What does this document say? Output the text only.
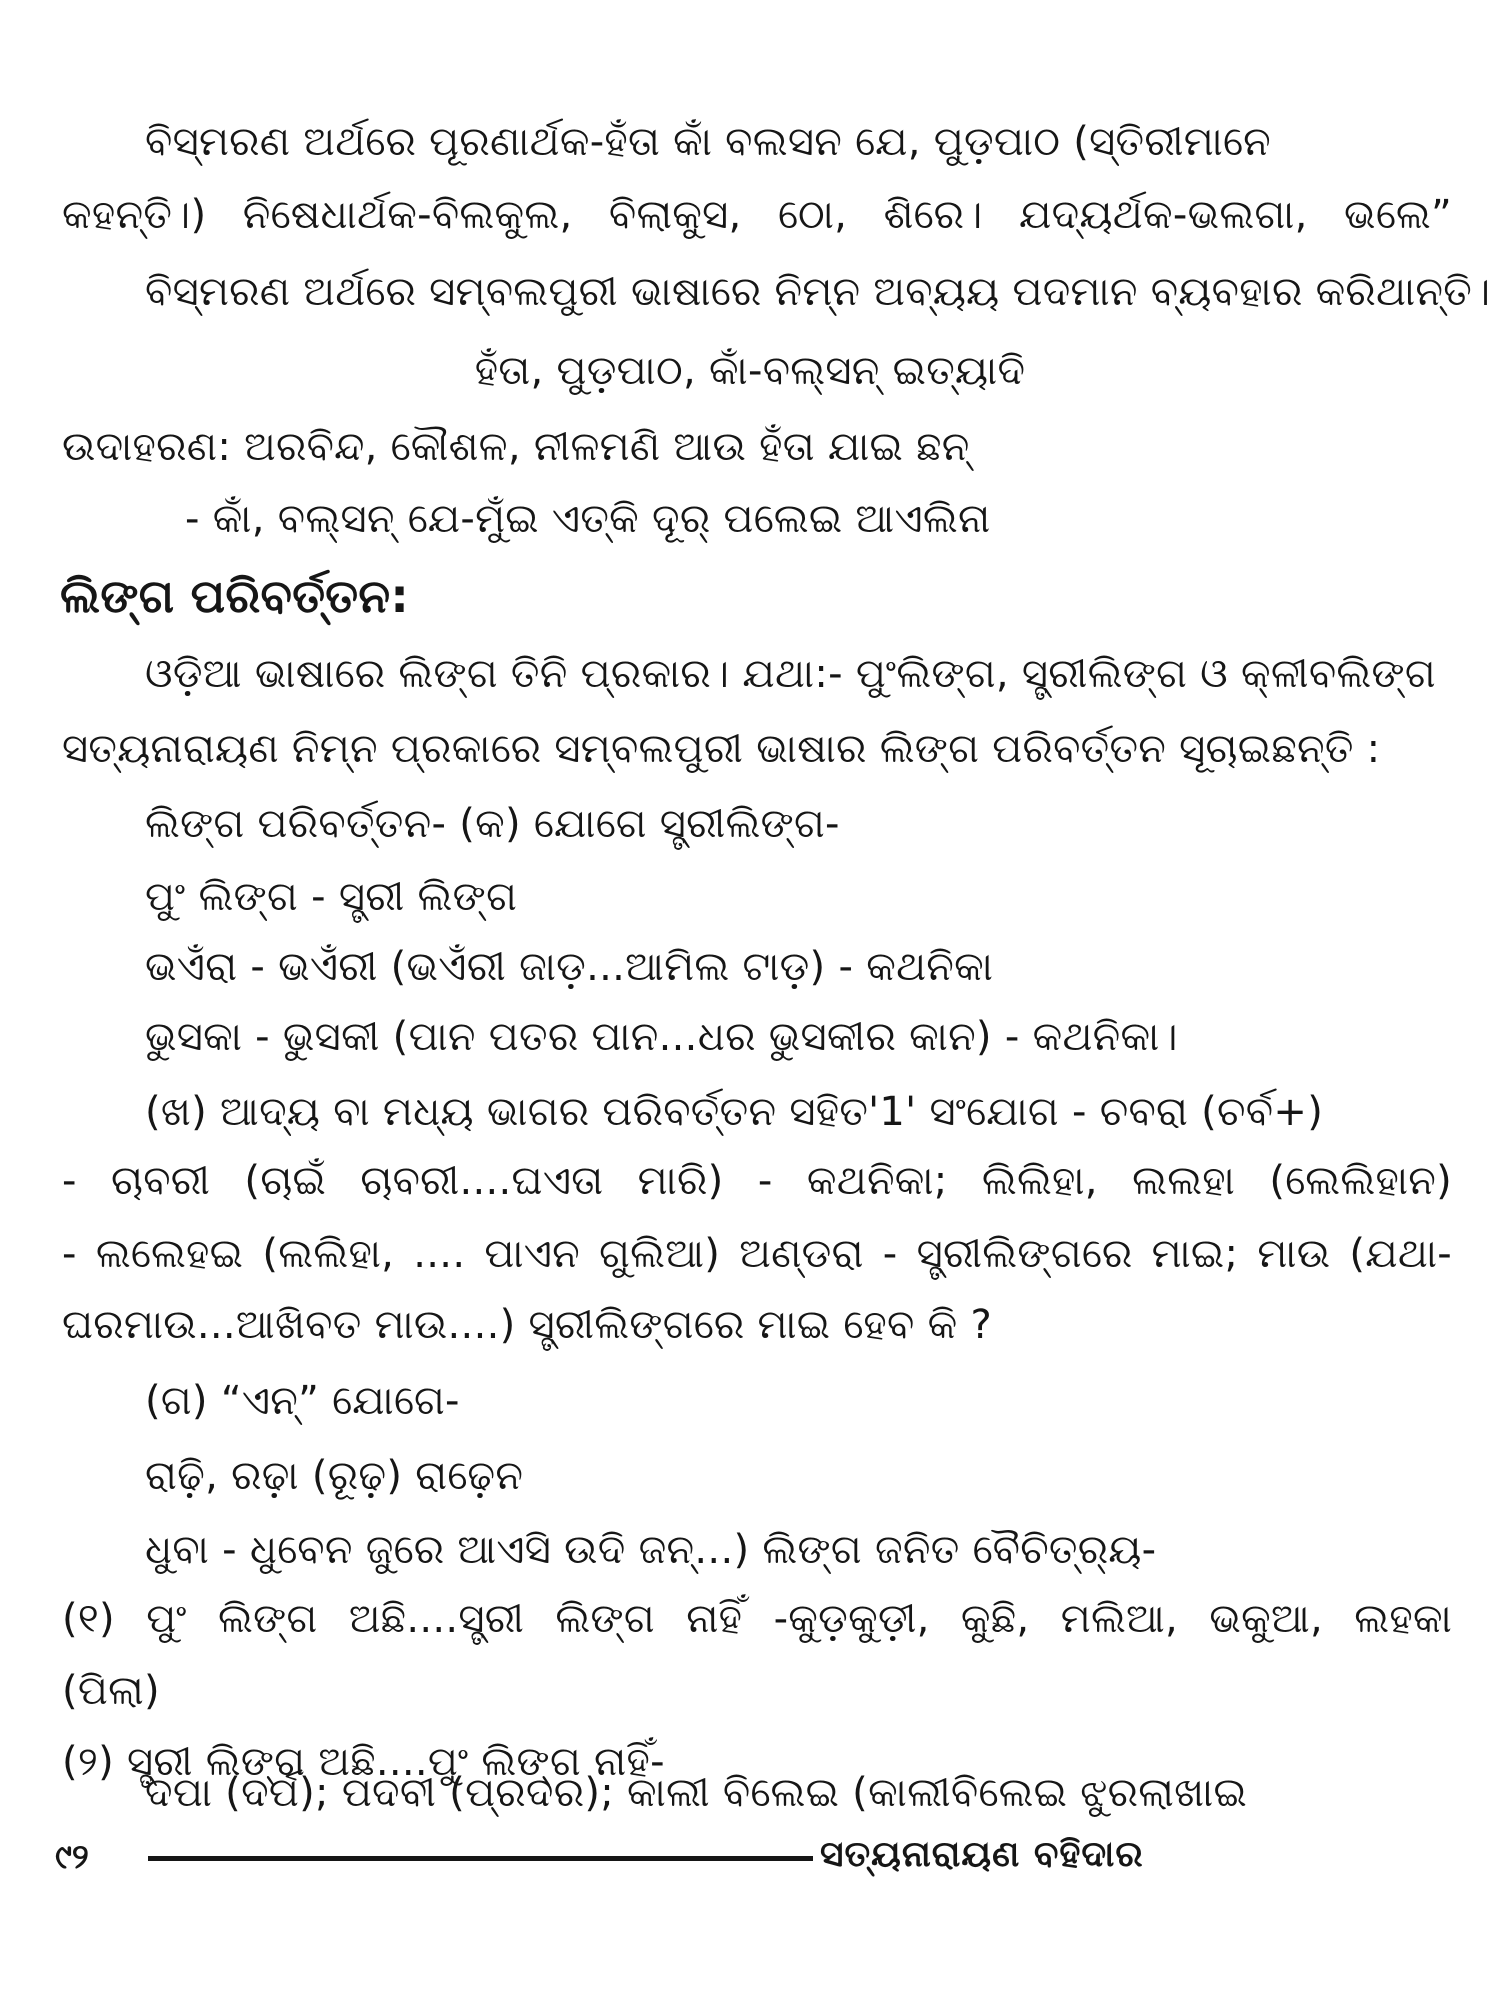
ବିସ୍ମରଣ ଅର୍ଥରେ ପୂରଣାର୍ଥକ-ହଁତା କାଁ ବଲସନ ଯେ, ପୁଡ଼ପାଠ (ସ୍ତିରୀମାନେ
କହନ୍ତି।) ନିଷେଧାର୍ଥକ-ବିଲକୁଲ, ବିଲାକୁସ, ଠୋ, ଶିରେ। ଯଦ୍ୟର୍ଥକ-ଭଲଗା, ଭଲେ”
ବିସ୍ମରଣ ଅର୍ଥରେ ସମ୍ବଲପୁରୀ ଭାଷାରେ ନିମ୍ନ ଅବ୍ୟୟ ପଦମାନ ବ୍ୟବହାର କରିଥାନ୍ତି।
ହଁତା, ପୁଡ଼ପାଠ, କାଁ-ବଲ୍ସନ୍ ଇତ୍ୟାଦି
ଉଦାହରଣ: ଅରବିନ୍ଦ, କୌଶଳ, ନୀଳମଣି ଆଉ ହଁତା ଯାଇ ଛନ୍
- କାଁ, ବଲ୍ସନ୍ ଯେ-ମୁଁଇ ଏତ୍କି ଦୂର୍ ପଲେଇ ଆଏଲିନା
ଲିଙ୍ଗ ପରିବର୍ତ୍ତନ:
ଓଡ଼ିଆ ଭାଷାରେ ଲିଙ୍ଗ ତିନି ପ୍ରକାର। ଯଥା:- ପୁଂଲିଙ୍ଗ, ସ୍ତ୍ରୀଲିଙ୍ଗ ଓ କ୍ଳୀବଲିଙ୍ଗ
ସତ୍ୟନାରାୟଣ ନିମ୍ନ ପ୍ରକାରେ ସମ୍ବଲପୁରୀ ଭାଷାର ଲିଙ୍ଗ ପରିବର୍ତ୍ତନ ସୂଚାଇଛନ୍ତି :
ଲିଙ୍ଗ ପରିବର୍ତ୍ତନ- (କ) ଯୋଗେ ସ୍ତ୍ରୀଲିଙ୍ଗ-
ପୁଂ ଲିଙ୍ଗ - ସ୍ତ୍ରୀ ଲିଙ୍ଗ
ଭଏଁରା - ଭଏଁରୀ (ଭଏଁରୀ ଜାଡ଼...ଆମିଲ ଟାଡ଼) - କଥନିକା
ଭୁସକା - ଭୁସକୀ (ପାନ ପତର ପାନ...ଧର ଭୁସକୀର କାନ) - କଥନିକା।
(ଖ) ଆଦ୍ୟ ବା ମଧ୍ୟ ଭାଗର ପରିବର୍ତ୍ତନ ସହିତ'1' ସଂଯୋଗ - ଚବରା (ଚର୍ବ+)
- ଚାବରୀ (ଚାଇଁ ଚାବରୀ....ଘଏତା ମାରି) - କଥନିକା; ଲିଲିହା, ଲଲହା (ଲେଲିହାନ)
- ଲଲେହଇ (ଲଲିହା, .... ପାଏନ ଗୁଲିଆ) ଅଣ୍ଡରା - ସ୍ତ୍ରୀଲିଙ୍ଗରେ ମାଇ; ମାଉ (ଯଥା-
ଘରମାଉ...ଆଖିବତ ମାଉ....) ସ୍ତ୍ରୀଲିଙ୍ଗରେ ମାଇ ହେବ କି ?
(ଗ) “ଏନ୍” ଯୋଗେ-
ରାଢ଼ି, ରଢ଼ା (ରୂଢ଼) ରାଢ଼େନ
ଧୁବା - ଧୁବେନ ଜୁରେ ଆଏସି ଉଦି ଜନ୍...) ଲିଙ୍ଗ ଜନିତ ବୈଚିତ୍ର୍ୟ-
(୧) ପୁଂ ଲିଙ୍ଗ ଅଛି....ସ୍ତ୍ରୀ ଲିଙ୍ଗ ନାହିଁ -କୁଡ଼କୁଡ଼ୀ, କୁଛି, ମଲିଆ, ଭକୁଆ, ଲହକା
(ପିଲା)
(୨) ସ୍ତ୍ରୀ ଲିଙ୍ଗ ଅଛି....ପୁଂ ଲିଙ୍ଗ ନାହିଁ-
ଦପା (ଦର୍ପ); ପଦବୀ (ପ୍ରଦର); କାଲୀ ବିଲେଇ (କାଲୀବିଲେଇ ଝୁରଲାଖାଇ
୯୨	ସତ୍ୟନାରାୟଣ ବହିଦାର
